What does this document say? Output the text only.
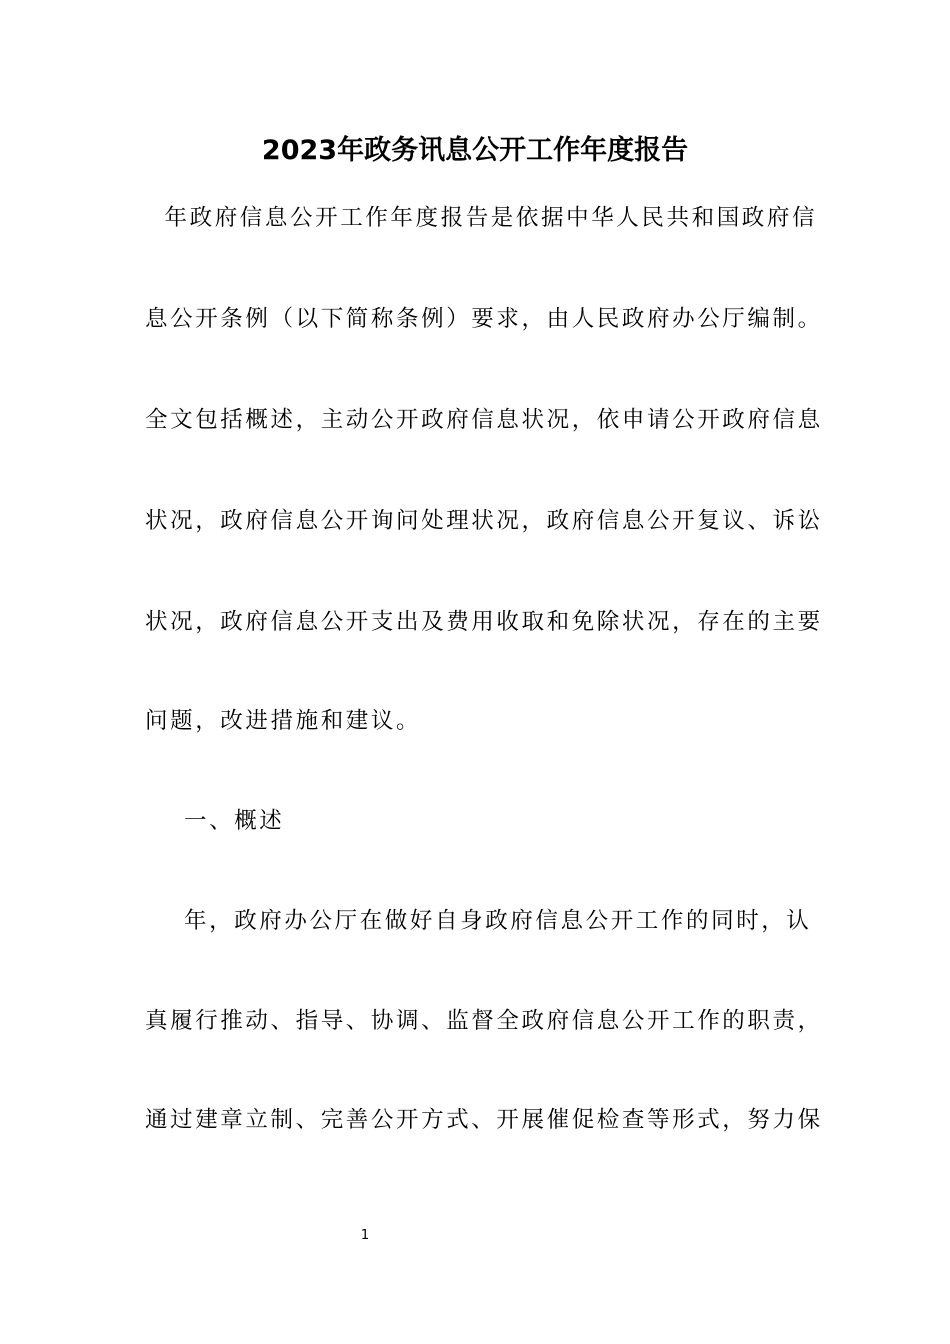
2023年政务讯息公开工作年度报告
年政府信息公开工作年度报告是依据中华人民共和国政府信
息公开条例（以下简称条例）要求，由人民政府办公厅编制。
全文包括概述，主动公开政府信息状况，依申请公开政府信息
状况，政府信息公开询问处理状况，政府信息公开复议、诉讼
状况，政府信息公开支出及费用收取和免除状况，存在的主要
问题，改进措施和建议。
一、概述
年，政府办公厅在做好自身政府信息公开工作的同时，认
真履行推动、指导、协调、监督全政府信息公开工作的职责，
通过建章立制、完善公开方式、开展催促检查等形式，努力保
1
